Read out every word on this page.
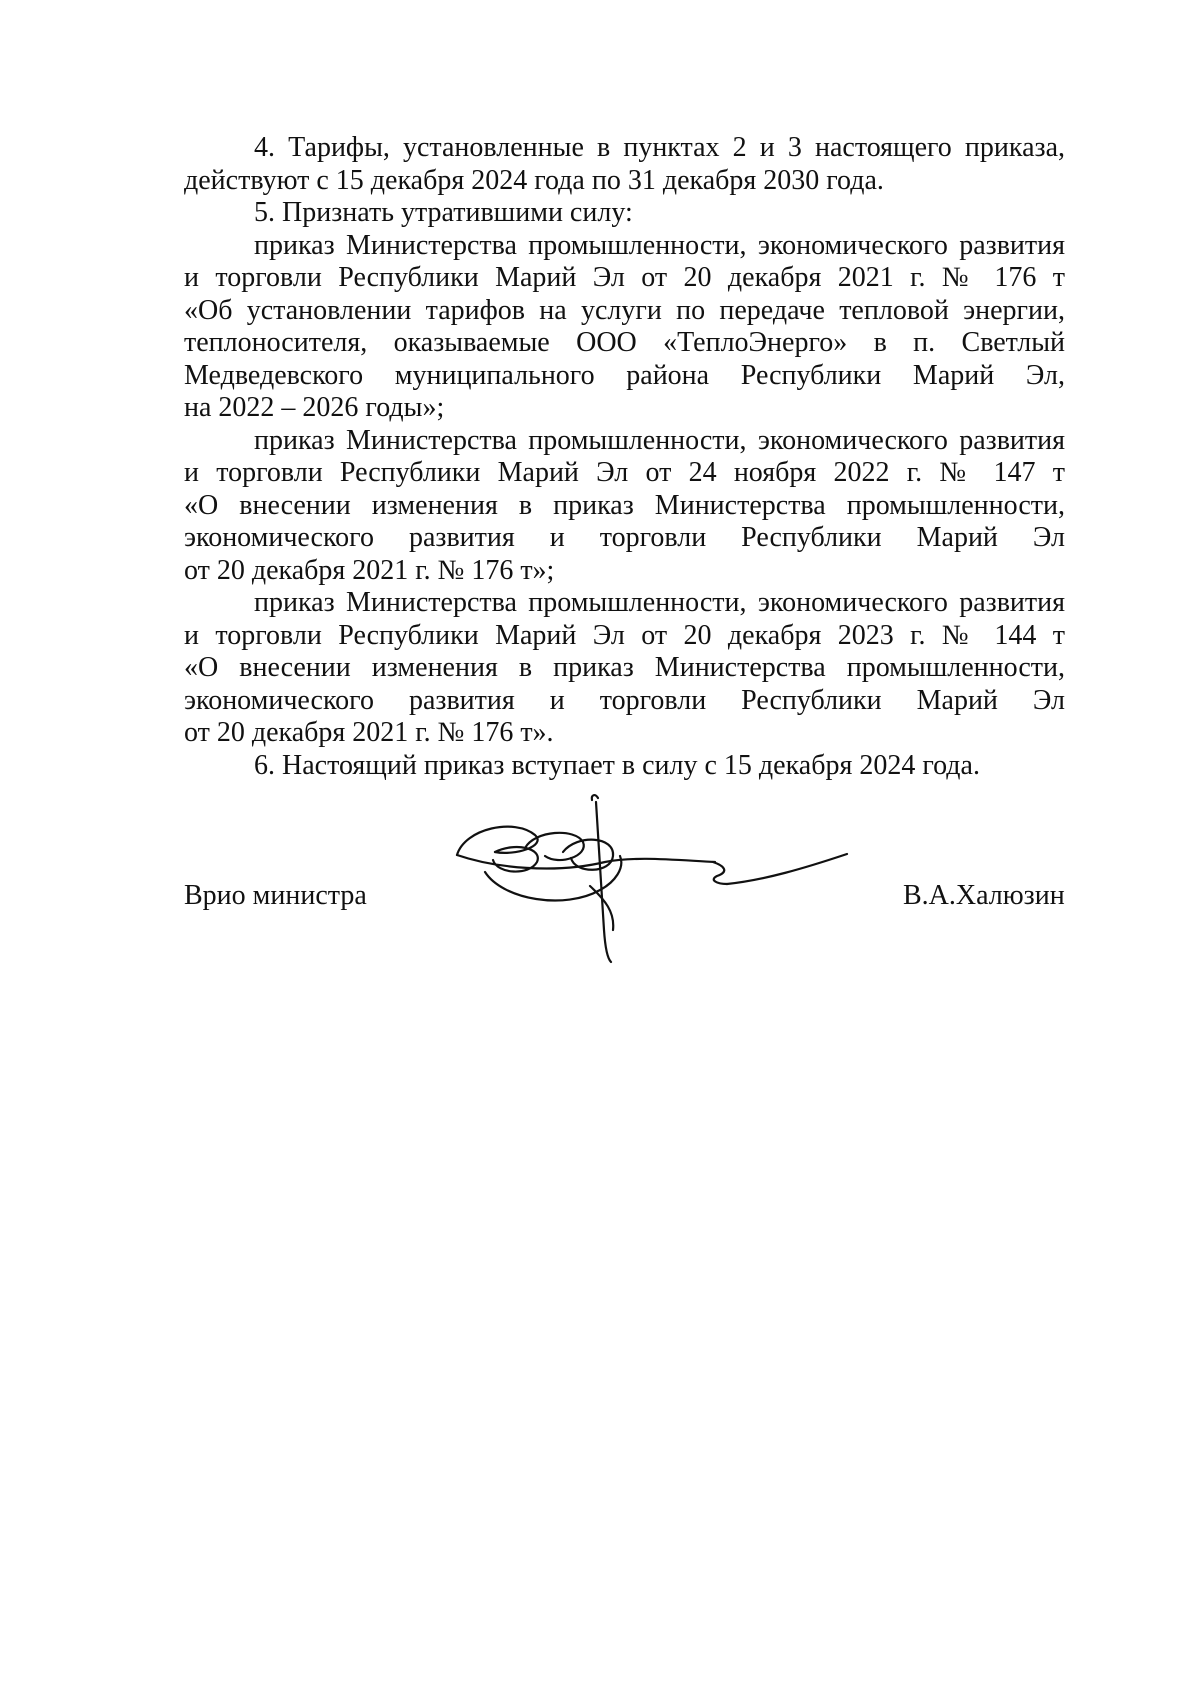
4. Тарифы, установленные в пунктах 2 и 3 настоящего приказа,
действуют с 15 декабря 2024 года по 31 декабря 2030 года.

5. Признать утратившими силу:

приказ Министерства промышленности, экономического развития
и торговли Республики Марий Эл от 20 декабря 2021 г. № 176 т
«Об установлении тарифов на услуги по передаче тепловой энергии,
теплоносителя, оказываемые ООО «ТеплоЭнерго» в п. Светлый
Медведевского муниципального района Республики Марий Эл,
на 2022 – 2026 годы»;

приказ Министерства промышленности, экономического развития
и торговли Республики Марий Эл от 24 ноября 2022 г. № 147 т
«О внесении изменения в приказ Министерства промышленности,
экономического развития и торговли Республики Марий Эл
от 20 декабря 2021 г. № 176 т»;

приказ Министерства промышленности, экономического развития
и торговли Республики Марий Эл от 20 декабря 2023 г. № 144 т
«О внесении изменения в приказ Министерства промышленности,
экономического развития и торговли Республики Марий Эл
от 20 декабря 2021 г. № 176 т».

6. Настоящий приказ вступает в силу с 15 декабря 2024 года.

Врио министра	В.А.Халюзин
